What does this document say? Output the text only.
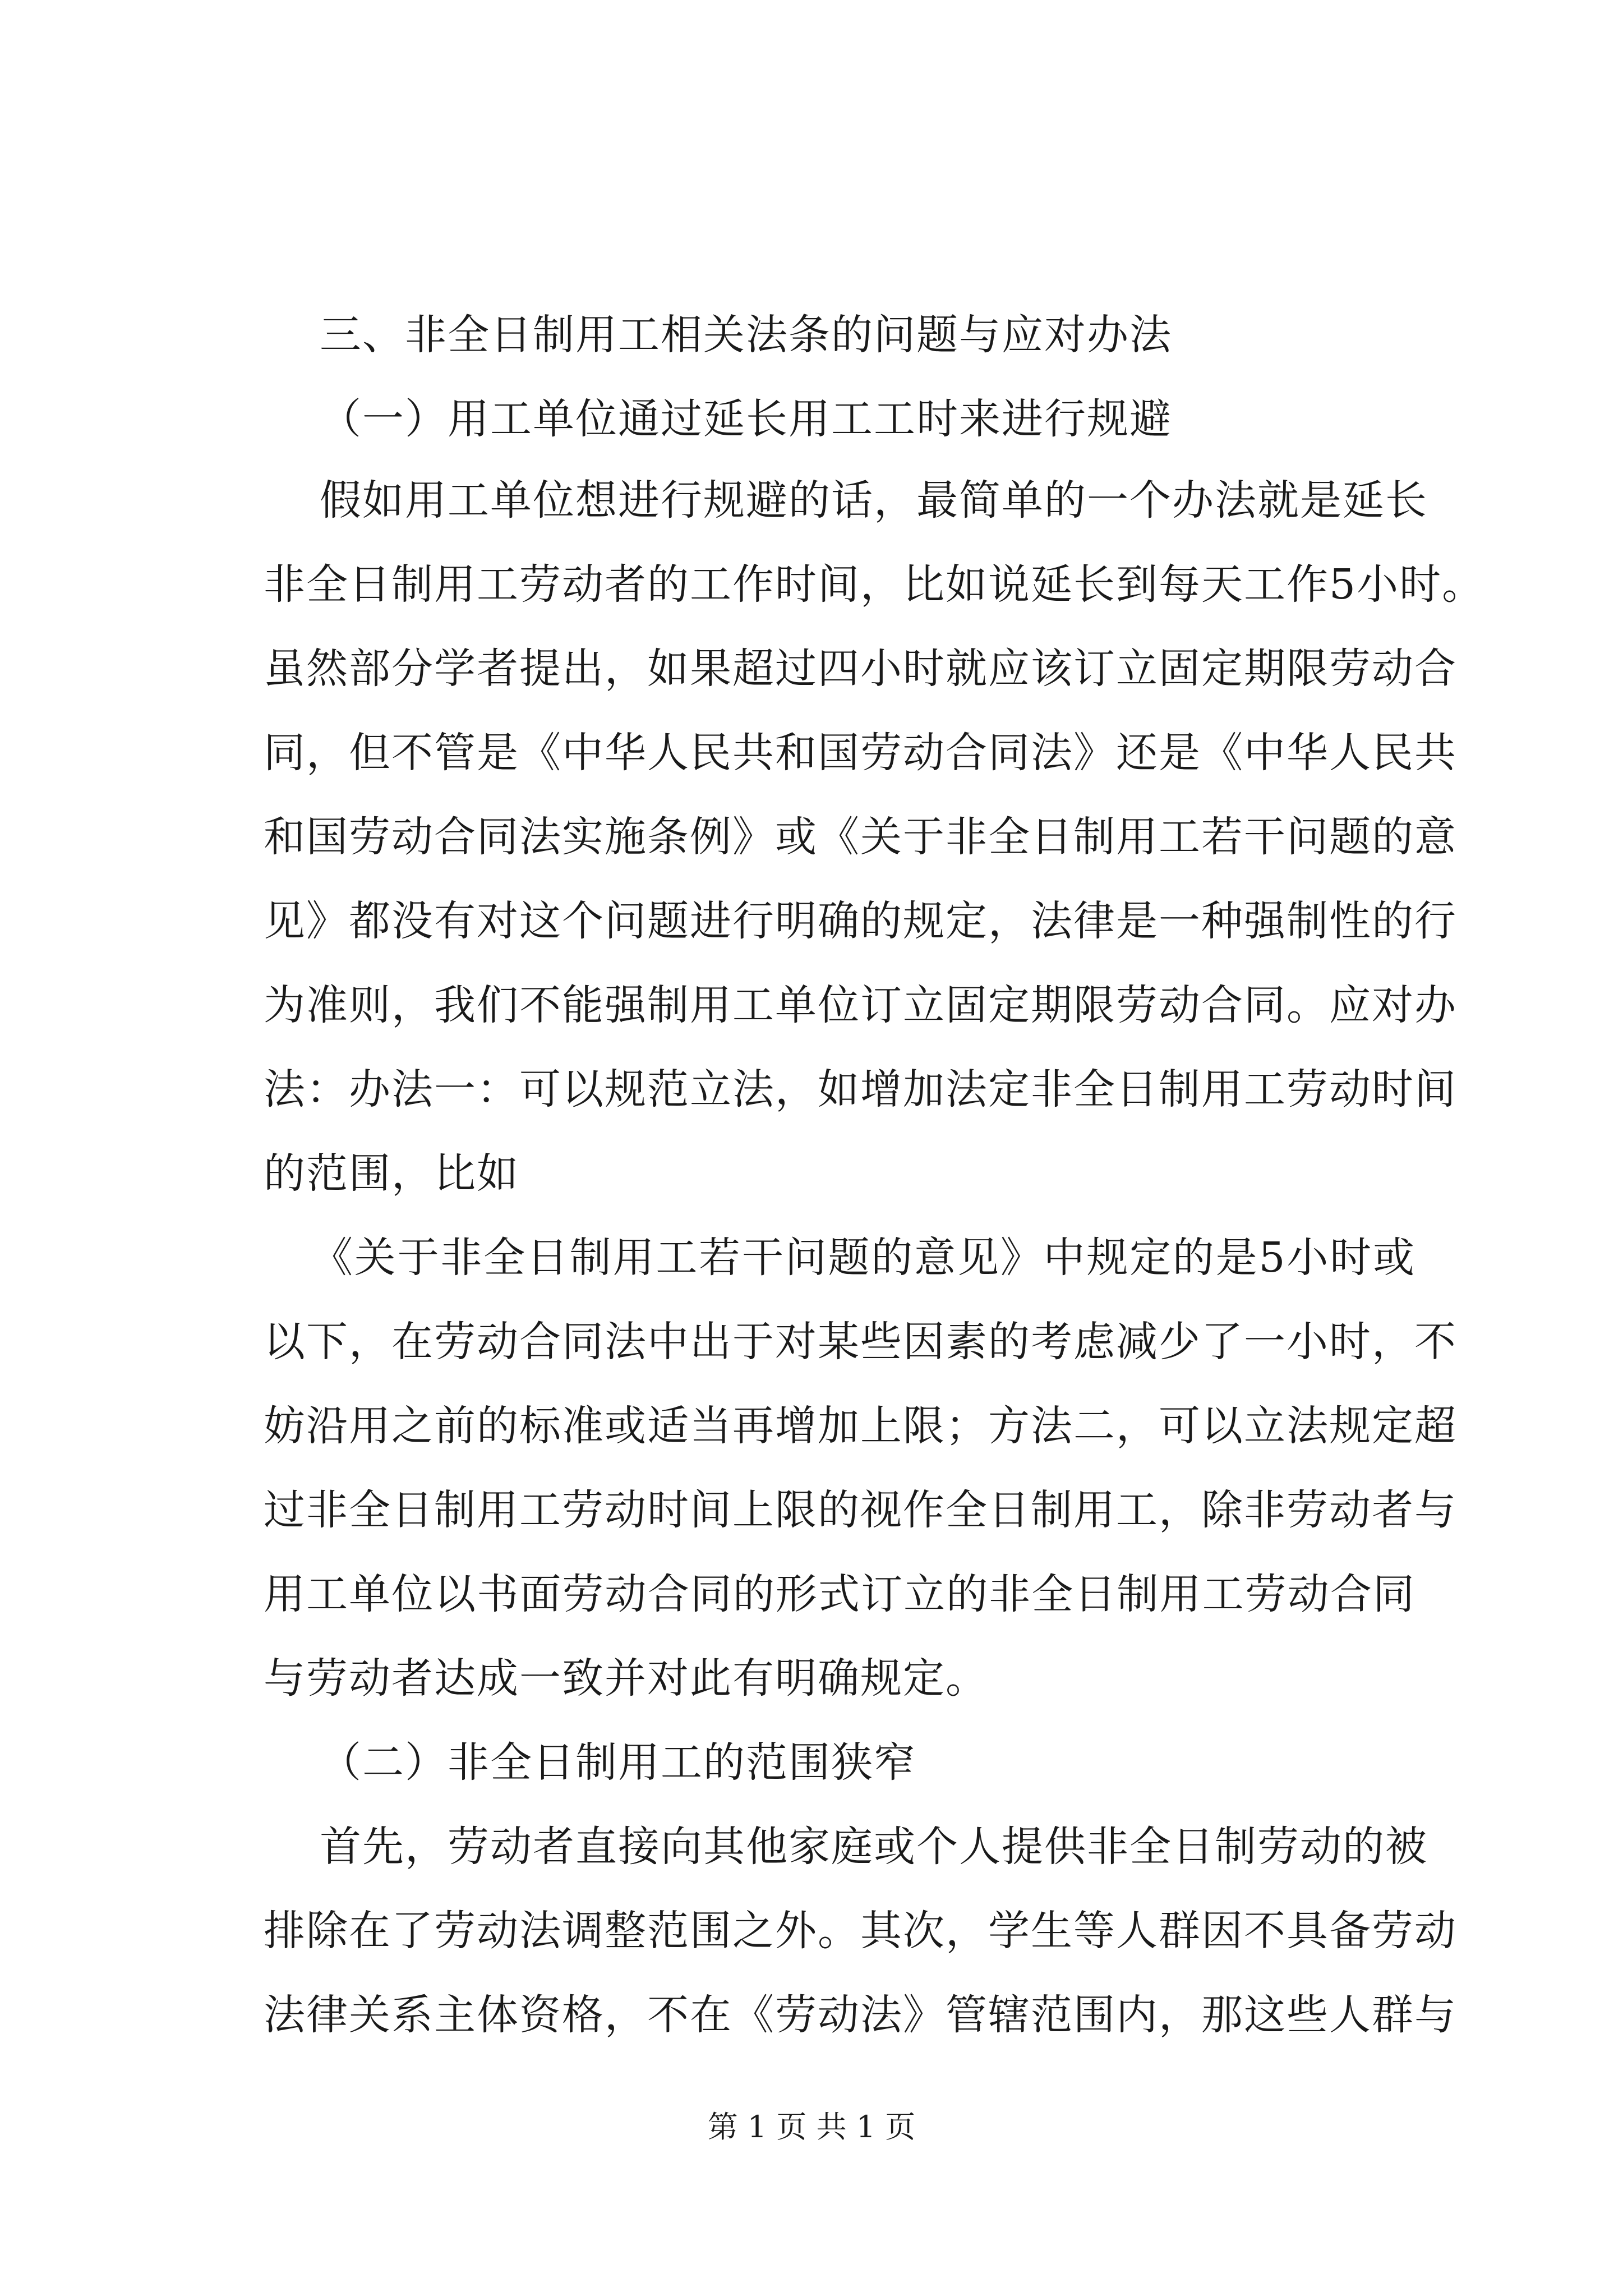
三、非全日制用工相关法条的问题与应对办法
（一）用工单位通过延长用工工时来进行规避
假如用工单位想进行规避的话，最简单的一个办法就是延长
非全日制用工劳动者的工作时间，比如说延长到每天工作5小时。
虽然部分学者提出，如果超过四小时就应该订立固定期限劳动合
同，但不管是《中华人民共和国劳动合同法》还是《中华人民共
和国劳动合同法实施条例》或《关于非全日制用工若干问题的意
见》都没有对这个问题进行明确的规定，法律是一种强制性的行
为准则，我们不能强制用工单位订立固定期限劳动合同。应对办
法：办法一：可以规范立法，如增加法定非全日制用工劳动时间
的范围，比如
《关于非全日制用工若干问题的意见》中规定的是5小时或
以下，在劳动合同法中出于对某些因素的考虑减少了一小时，不
妨沿用之前的标准或适当再增加上限；方法二，可以立法规定超
过非全日制用工劳动时间上限的视作全日制用工，除非劳动者与
用工单位以书面劳动合同的形式订立的非全日制用工劳动合同
与劳动者达成一致并对此有明确规定。
（二）非全日制用工的范围狭窄
首先，劳动者直接向其他家庭或个人提供非全日制劳动的被
排除在了劳动法调整范围之外。其次，学生等人群因不具备劳动
法律关系主体资格，不在《劳动法》管辖范围内，那这些人群与
第 1 页 共 1 页
